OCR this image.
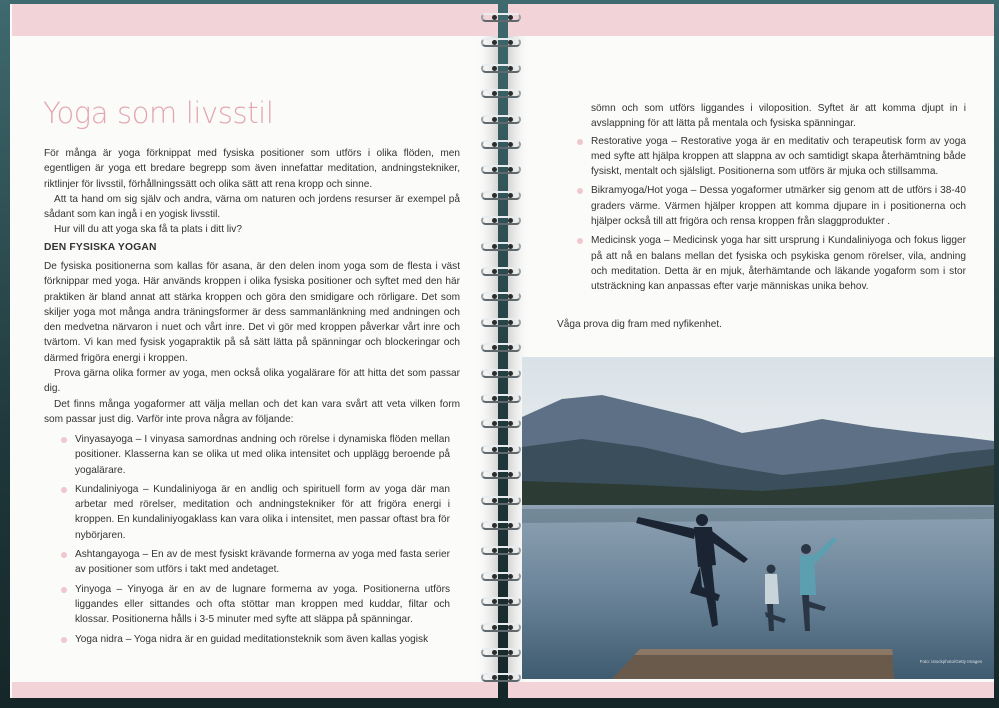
Yoga som livsstil

För många är yoga förknippat med fysiska positioner som utförs i olika flöden, men egentligen är yoga ett bredare begrepp som även innefattar meditation, andningstekniker, riktlinjer för livsstil, förhållningssätt och olika sätt att rena kropp och sinne.

Att ta hand om sig själv och andra, värna om naturen och jordens resurser är exempel på sådant som kan ingå i en yogisk livsstil.

Hur vill du att yoga ska få ta plats i ditt liv?

DEN FYSISKA YOGAN

De fysiska positionerna som kallas för asana, är den delen inom yoga som de flesta i väst förknippar med yoga. Här används kroppen i olika fysiska positioner och syftet med den här praktiken är bland annat att stärka kroppen och göra den smidigare och rörligare. Det som skiljer yoga mot många andra träningsformer är dess sammanlänkning med andningen och den medvetna närvaron i nuet och vårt inre. Det vi gör med kroppen påverkar vårt inre och tvärtom. Vi kan med fysisk yogapraktik på så sätt lätta på spänningar och blockeringar och därmed frigöra energi i kroppen.

Prova gärna olika former av yoga, men också olika yogalärare för att hitta det som passar dig.

Det finns många yogaformer att välja mellan och det kan vara svårt att veta vilken form som passar just dig. Varför inte prova några av följande:

Vinyasayoga – I vinyasa samordnas andning och rörelse i dynamiska flöden mellan positioner. Klasserna kan se olika ut med olika intensitet och upplägg beroende på yogalärare.
Kundaliniyoga – Kundaliniyoga är en andlig och spirituell form av yoga där man arbetar med rörelser, meditation och andningstekniker för att frigöra energi i kroppen. En kundaliniyogaklass kan vara olika i intensitet, men passar oftast bra för nybörjaren.
Ashtangayoga – En av de mest fysiskt krävande formerna av yoga med fasta serier av positioner som utförs i takt med andetaget.
Yinyoga – Yinyoga är en av de lugnare formerna av yoga. Positionerna utförs liggandes eller sittandes och ofta stöttar man kroppen med kuddar, filtar och klossar. Positionerna hålls i 3-5 minuter med syfte att släppa på spänningar.
Yoga nidra – Yoga nidra är en guidad meditationsteknik som även kallas yogisk

sömn och som utförs liggandes i viloposition. Syftet är att komma djupt in i avslappning för att lätta på mentala och fysiska spänningar.

Restorative yoga – Restorative yoga är en meditativ och terapeutisk form av yoga med syfte att hjälpa kroppen att slappna av och samtidigt skapa återhämtning både fysiskt, mentalt och själsligt. Positionerna som utförs är mjuka och stillsamma.
Bikramyoga/Hot yoga – Dessa yogaformer utmärker sig genom att de utförs i 38-40 graders värme. Värmen hjälper kroppen att komma djupare in i positionerna och hjälper också till att frigöra och rensa kroppen från slaggprodukter .
Medicinsk yoga – Medicinsk yoga har sitt ursprung i Kundaliniyoga och fokus ligger på att nå en balans mellan det fysiska och psykiska genom rörelser, vila, andning och meditation. Detta är en mjuk, återhämtande och läkande yogaform som i stor utsträckning kan anpassas efter varje människas unika behov.
Våga prova dig fram med nyfikenhet.
Foto: istockphoto/Getty Images
